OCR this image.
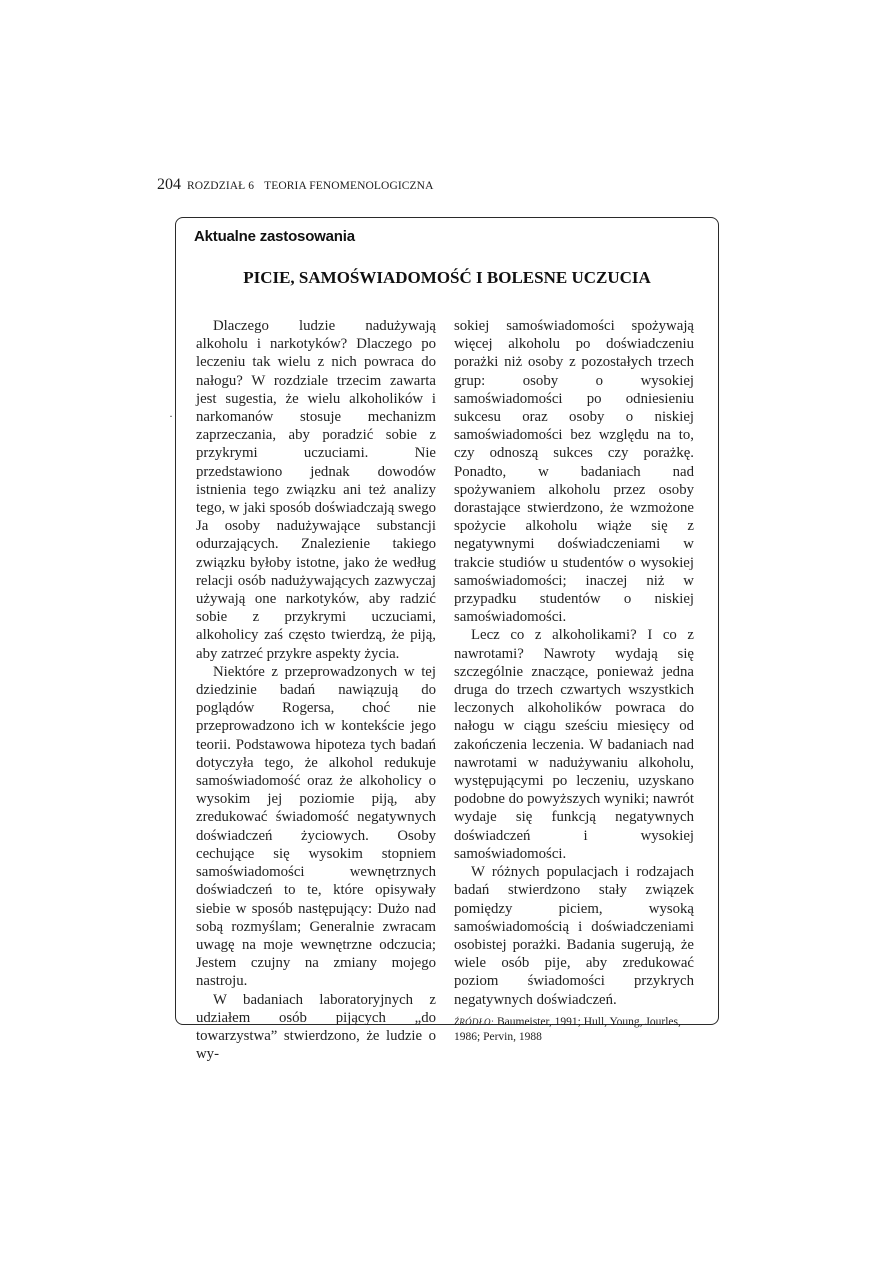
204 ROZDZIAŁ 6 TEORIA FENOMENOLOGICZNA
·
Aktualne zastosowania
PICIE, SAMOŚWIADOMOŚĆ I BOLESNE UCZUCIA

Dlaczego ludzie nadużywają alkoholu i narkotyków? Dlaczego po leczeniu tak wielu z nich powraca do nałogu? W rozdziale trzecim zawarta jest sugestia, że wielu alkoholików i narkomanów stosuje mechanizm zaprzeczania, aby poradzić sobie z przykrymi uczuciami. Nie przedstawiono jednak dowodów istnienia tego związku ani też analizy tego, w jaki sposób doświadczają swego Ja osoby nadużywające substancji odurzających. Znalezienie takiego związku byłoby istotne, jako że według relacji osób nadużywających zazwyczaj używają one narkotyków, aby radzić sobie z przykrymi uczuciami, alkoholicy zaś często twierdzą, że piją, aby zatrzeć przykre aspekty życia.

Niektóre z przeprowadzonych w tej dziedzinie badań nawiązują do poglądów Rogersa, choć nie przeprowadzono ich w kontekście jego teorii. Podstawowa hipoteza tych badań dotyczyła tego, że alkohol redukuje samoświadomość oraz że alkoholicy o wysokim jej poziomie piją, aby zredukować świadomość negatywnych doświadczeń życiowych. Osoby cechujące się wysokim stopniem samoświadomości wewnętrznych doświadczeń to te, które opisywały siebie w sposób następujący: Dużo nad sobą rozmyślam; Generalnie zwracam uwagę na moje wewnętrzne odczucia; Jestem czujny na zmiany mojego nastroju.

W badaniach laboratoryjnych z udziałem osób pijących „do towarzystwa” stwierdzono, że ludzie o wy-

sokiej samoświadomości spożywają więcej alkoholu po doświadczeniu porażki niż osoby z pozostałych trzech grup: osoby o wysokiej samoświadomości po odniesieniu sukcesu oraz osoby o niskiej samoświadomości bez względu na to, czy odnoszą sukces czy porażkę. Ponadto, w badaniach nad spożywaniem alkoholu przez osoby dorastające stwierdzono, że wzmożone spożycie alkoholu wiąże się z negatywnymi doświadczeniami w trakcie studiów u studentów o wysokiej samoświadomości; inaczej niż w przypadku studentów o niskiej samoświadomości.

Lecz co z alkoholikami? I co z nawrotami? Nawroty wydają się szczególnie znaczące, ponieważ jedna druga do trzech czwartych wszystkich leczonych alkoholików powraca do nałogu w ciągu sześciu miesięcy od zakończenia leczenia. W badaniach nad nawrotami w nadużywaniu alkoholu, występującymi po leczeniu, uzyskano podobne do powyższych wyniki; nawrót wydaje się funkcją negatywnych doświadczeń i wysokiej samoświadomości.

W różnych populacjach i rodzajach badań stwierdzono stały związek pomiędzy piciem, wysoką samoświadomością i doświadczeniami osobistej porażki. Badania sugerują, że wiele osób pije, aby zredukować poziom świadomości przykrych negatywnych doświadczeń.

ŹRÓDŁO: Baumeister, 1991; Hull, Young, Jourles, 1986; Pervin, 1988
